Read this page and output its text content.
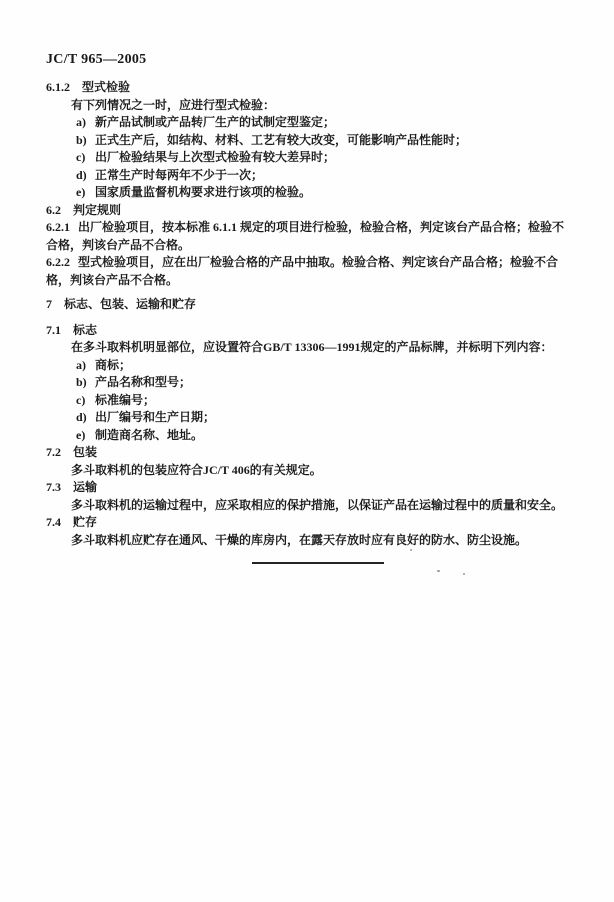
JC/T 965—2005
6.1.2 型式检验
有下列情况之一时，应进行型式检验：
a) 新产品试制或产品转厂生产的试制定型鉴定；
b) 正式生产后，如结构、材料、工艺有较大改变，可能影响产品性能时；
c) 出厂检验结果与上次型式检验有较大差异时；
d) 正常生产时每两年不少于一次；
e) 国家质量监督机构要求进行该项的检验。
6.2 判定规则
6.2.1 出厂检验项目，按本标准 6.1.1 规定的项目进行检验，检验合格，判定该台产品合格；检验不合格，判该台产品不合格。
6.2.2 型式检验项目，应在出厂检验合格的产品中抽取。检验合格、判定该台产品合格；检验不合格，判该台产品不合格。
7 标志、包装、运输和贮存
7.1 标志
在多斗取料机明显部位，应设置符合GB/T 13306—1991规定的产品标牌，并标明下列内容：
a) 商标；
b) 产品名称和型号；
c) 标准编号；
d) 出厂编号和生产日期；
e) 制造商名称、地址。
7.2 包装
多斗取料机的包装应符合JC/T 406的有关规定。
7.3 运输
多斗取料机的运输过程中，应采取相应的保护措施，以保证产品在运输过程中的质量和安全。
7.4 贮存
多斗取料机应贮存在通风、干燥的库房内，在露天存放时应有良好的防水、防尘设施。
